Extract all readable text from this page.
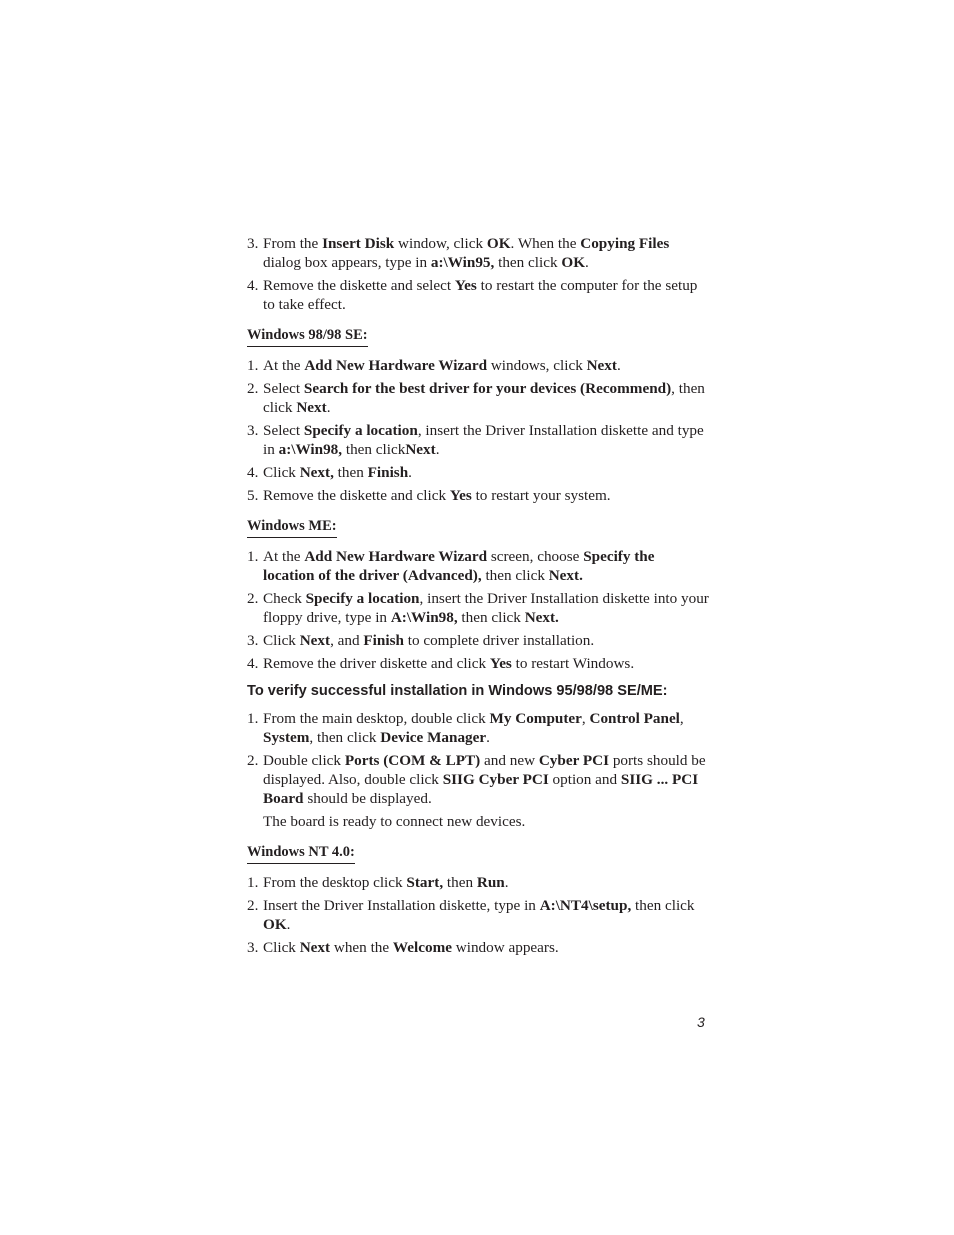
3. From the Insert Disk window, click OK. When the Copying Files dialog box appears, type in a:\Win95, then click OK.

4. Remove the diskette and select Yes to restart the computer for the setup to take effect.

Windows 98/98 SE:
1. At the Add New Hardware Wizard windows, click Next.

2. Select Search for the best driver for your devices (Recommend), then click Next.

3. Select Specify a location, insert the Driver Installation diskette and type in a:\Win98, then clickNext.

4. Click Next, then Finish.

5. Remove the diskette and click Yes to restart your system.

Windows ME:
1. At the Add New Hardware Wizard screen, choose Specify the location of the driver (Advanced), then click Next.

2. Check Specify a location, insert the Driver Installation diskette into your floppy drive, type in A:\Win98, then click Next.

3. Click Next, and Finish to complete driver installation.

4. Remove the driver diskette and click Yes to restart Windows.

To verify successful installation in Windows 95/98/98 SE/ME:
1. From the main desktop, double click My Computer, Control Panel, System, then click Device Manager.

2. Double click Ports (COM & LPT) and new Cyber PCI ports should be displayed. Also, double click SIIG Cyber PCI option and SIIG ... PCI Board should be displayed.

The board is ready to connect new devices.

Windows NT 4.0:
1. From the desktop click Start, then Run.

2. Insert the Driver Installation diskette, type in A:\NT4\setup, then click OK.

3. Click Next when the Welcome window appears.

3
